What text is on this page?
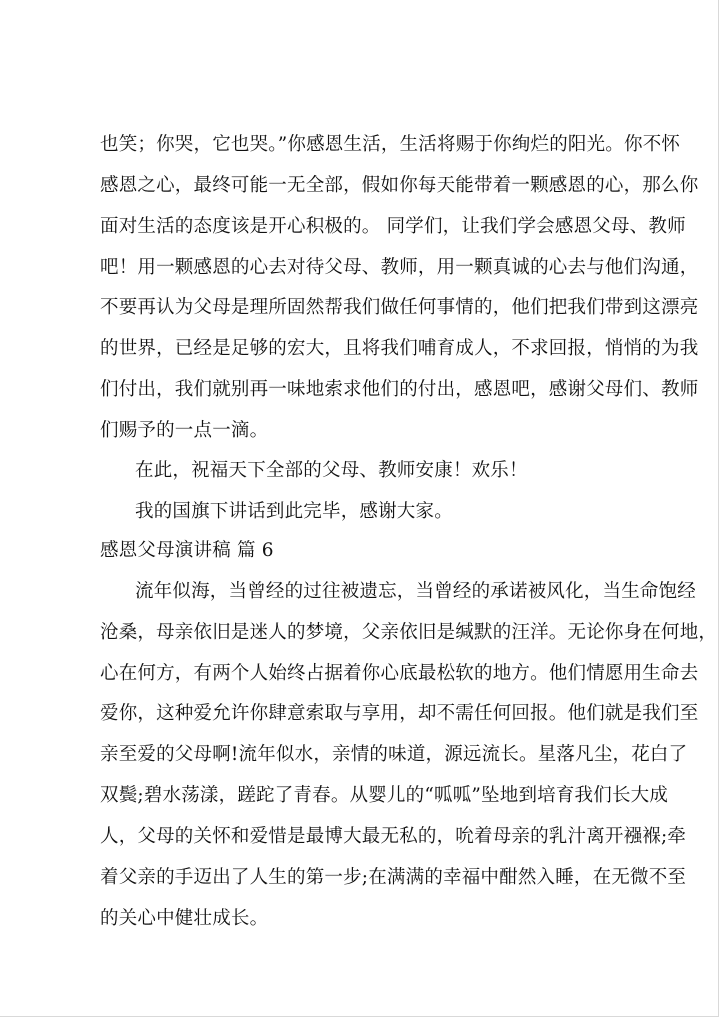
也笑；你哭，它也哭。”你感恩生活，生活将赐于你绚烂的阳光。你不怀
感恩之心，最终可能一无全部，假如你每天能带着一颗感恩的心，那么你
面对生活的态度该是开心积极的。 同学们，让我们学会感恩父母、教师
吧！用一颗感恩的心去对待父母、教师，用一颗真诚的心去与他们沟通，
不要再认为父母是理所固然帮我们做任何事情的，他们把我们带到这漂亮
的世界，已经是足够的宏大，且将我们哺育成人，不求回报，悄悄的为我
们付出，我们就别再一味地索求他们的付出，感恩吧，感谢父母们、教师
们赐予的一点一滴。
在此，祝福天下全部的父母、教师安康！欢乐！
我的国旗下讲话到此完毕，感谢大家。
感恩父母演讲稿 篇 6
流年似海，当曾经的过往被遗忘，当曾经的承诺被风化，当生命饱经
沧桑，母亲依旧是迷人的梦境，父亲依旧是缄默的汪洋。无论你身在何地，
心在何方，有两个人始终占据着你心底最松软的地方。他们情愿用生命去
爱你，这种爱允许你肆意索取与享用，却不需任何回报。他们就是我们至
亲至爱的父母啊!流年似水，亲情的味道，源远流长。星落凡尘，花白了
双鬓;碧水荡漾，蹉跎了青春。从婴儿的“呱呱”坠地到培育我们长大成
人，父母的关怀和爱惜是最博大最无私的，吮着母亲的乳汁离开襁褓;牵
着父亲的手迈出了人生的第一步;在满满的幸福中酣然入睡，在无微不至
的关心中健壮成长。
